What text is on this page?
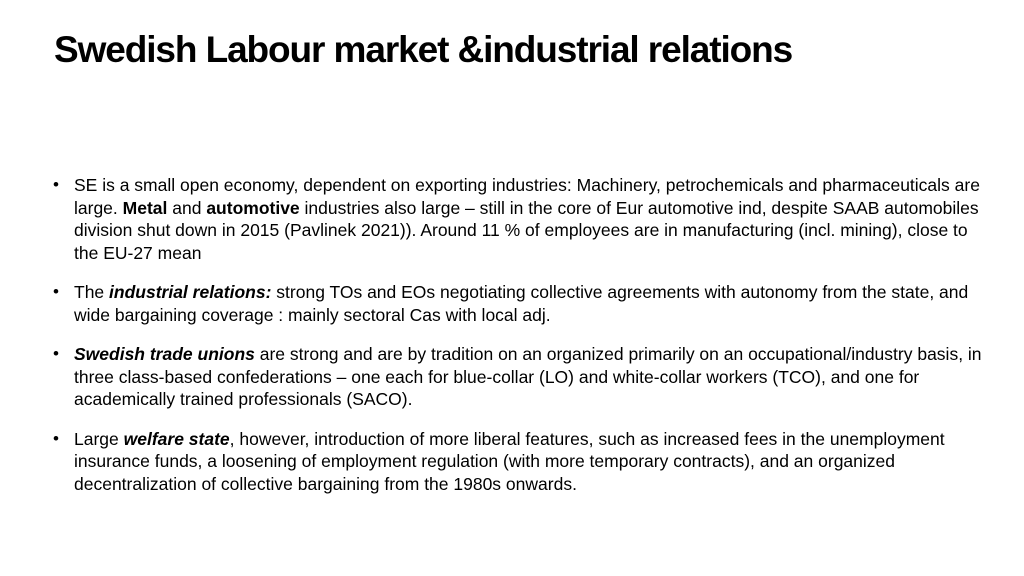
Swedish Labour market &industrial relations
• SE is a small open economy, dependent on exporting industries: Machinery, petrochemicals and pharmaceuticals are large. Metal and automotive industries also large – still in the core of Eur automotive ind, despite SAAB automobiles division shut down in 2015 (Pavlinek 2021)). Around 11 % of employees are in manufacturing (incl. mining), close to the EU-27 mean
• The industrial relations: strong TOs and EOs negotiating collective agreements with autonomy from the state, and wide bargaining coverage : mainly sectoral Cas with local adj.
• Swedish trade unions are strong and are by tradition on an organized primarily on an occupational/industry basis, in three class-based confederations – one each for blue-collar (LO) and white-collar workers (TCO), and one for academically trained professionals (SACO).
• Large welfare state, however, introduction of more liberal features, such as increased fees in the unemployment insurance funds, a loosening of employment regulation (with more temporary contracts), and an organized decentralization of collective bargaining from the 1980s onwards.
